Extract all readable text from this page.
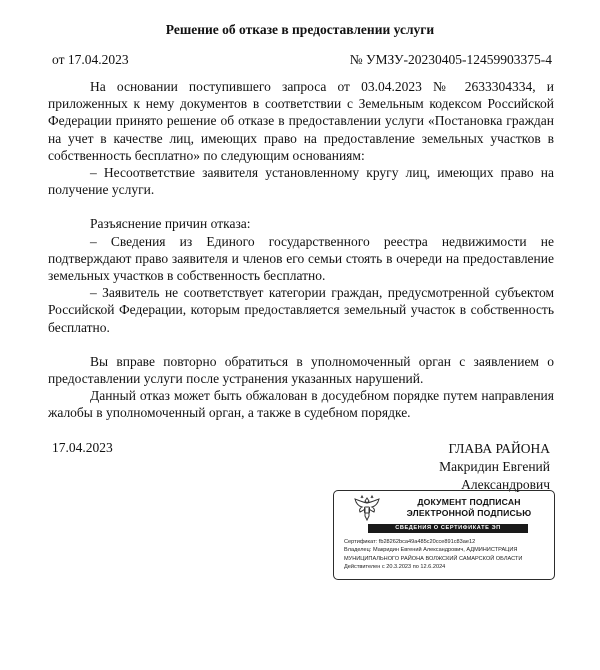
Решение об отказе в предоставлении услуги
от 17.04.2023	№ УМЗУ-20230405-12459903375-4

На основании поступившего запроса от 03.04.2023 № 2633304334, и приложенных к нему документов в соответствии с Земельным кодексом Российской Федерации принято решение об отказе в предоставлении услуги «Постановка граждан на учет в качестве лиц, имеющих право на предоставление земельных участков в собственность бесплатно» по следующим основаниям:

– Несоответствие заявителя установленному кругу лиц, имеющих право на получение услуги.

Разъяснение причин отказа:

– Сведения из Единого государственного реестра недвижимости не подтверждают право заявителя и членов его семьи стоять в очереди на предоставление земельных участков в собственность бесплатно.

– Заявитель не соответствует категории граждан, предусмотренной субъектом Российской Федерации, которым предоставляется земельный участок в собственность бесплатно.

Вы вправе повторно обратиться в уполномоченный орган с заявлением о предоставлении услуги после устранения указанных нарушений.

Данный отказ может быть обжалован в досудебном порядке путем направления жалобы в уполномоченный орган, а также в судебном порядке.

17.04.2023	ГЛАВА РАЙОНА
Макридин Евгений
Александрович
ДОКУМЕНТ ПОДПИСАН
ЭЛЕКТРОННОЙ ПОДПИСЬЮ
СВЕДЕНИЯ О СЕРТИФИКАТЕ ЭП
Сертификат: fb28262bca49a485c20cce891c83ae12
Владелец: Макридин Евгений Александрович, АДМИНИСТРАЦИЯ
МУНИЦИПАЛЬНОГО РАЙОНА ВОЛЖСКИЙ САМАРСКОЙ ОБЛАСТИ
Действителен с 20.3.2023 по 12.6.2024
